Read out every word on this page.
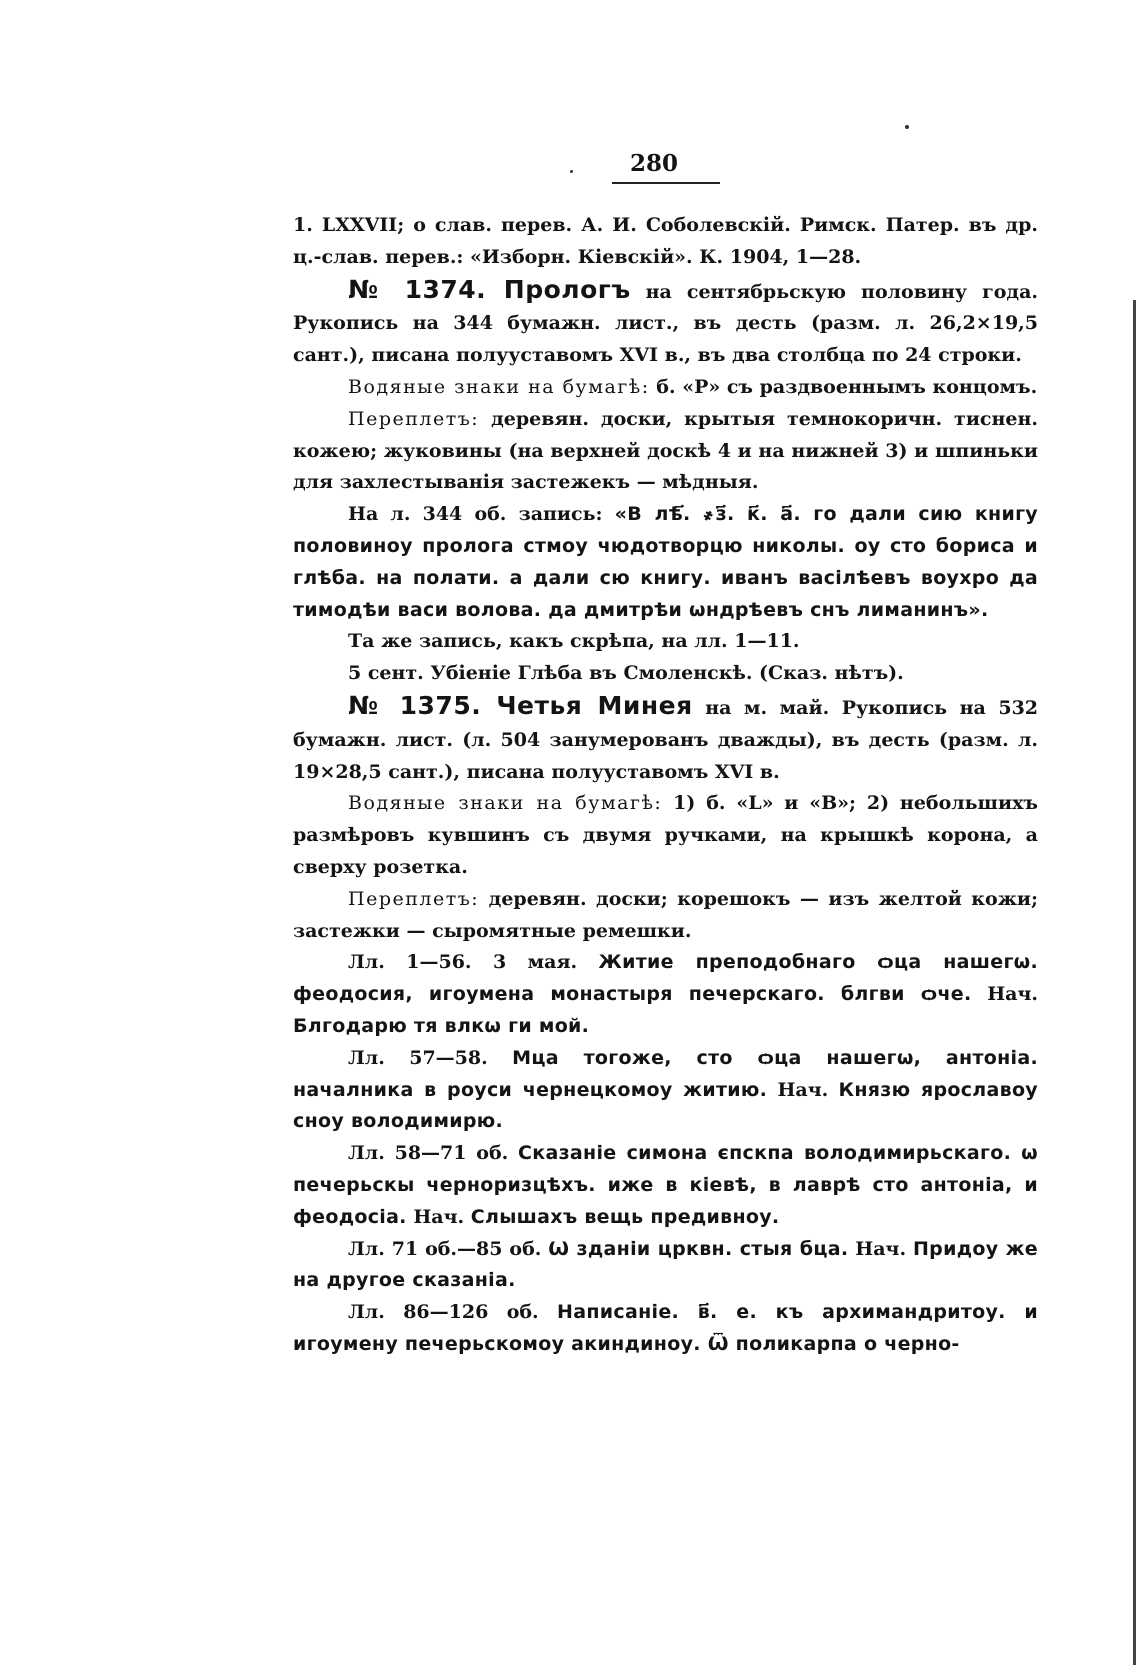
280

1. LXXVII; о слав. перев. А. И. Соболевскій. Римск. Патер. въ др. ц.-слав. перев.: «Изборн. Кіевскій». К. 1904, 1—28.

№ 1374. Прологъ на сентябрьскую половину года. Рукопись на 344 бумажн. лист., въ десть (разм. л. 26,2×19,5 сант.), писана полууставомъ XVI в., въ два столбца по 24 строки.

Водяные знаки на бумагѣ: б. «Р» съ раздвоеннымъ концомъ.

Переплетъ: деревян. доски, крытыя темнокоричн. тиснен. кожею; жуковины (на верхней доскѣ 4 и на нижней 3) и шпиньки для захлестыванія застежекъ — мѣдныя.

На л. 344 об. запись: «В лѣ҃. ҂з҃. к҃. а҃. го дали сию книгу половиноу пролога стмоу чюдотворцю николы. оу сто бориса и глѣба. на полати. а дали сю книгу. иванъ васілѣевъ воухро да тимодѣи васи волова. да дмитрѣи ѡндрѣевъ снъ лиманинъ».

Та же запись, какъ скрѣпа, на лл. 1—11.

5 сент. Убіеніе Глѣба въ Смоленскѣ. (Сказ. нѣтъ).

№ 1375. Четья Минея на м. май. Рукопись на 532 бумажн. лист. (л. 504 занумерованъ дважды), въ десть (разм. л. 19×28,5 сант.), писана полууставомъ XVI в.

Водяные знаки на бумагѣ: 1) б. «L» и «B»; 2) небольшихъ размѣровъ кувшинъ съ двумя ручками, на крышкѣ корона, а сверху розетка.

Переплетъ: деревян. доски; корешокъ — изъ желтой кожи; застежки — сыромятные ремешки.

Лл. 1—56. 3 мая. Житие преподобнаго ѻца нашегѡ. феодосия, игоумена монастыря печерскаго. блгви ѻче. Нач. Блгодарю тя влкѡ ги мой.

Лл. 57—58. Мца тогоже, сто ѻца нашегѡ, антоніа. началника в роуси чернецкомоу житию. Нач. Князю ярославоу сноу володимирю.

Лл. 58—71 об. Сказаніе симона єпскпа володимирьскаго. ѡ печерьскы черноризцѣхъ. иже в кіевѣ, в лаврѣ сто антоніа, и феодосіа. Нач. Слышахъ вещь предивноу.

Лл. 71 об.—85 об. Ѡ зданіи црквн. стыя бца. Нач. Придоу же на другое сказаніа.

Лл. 86—126 об. Написаніе. в҃. е. къ архимандритоу. и игоумену печерьскомоу акиндиноу. Ѿ поликарпа о черно-
